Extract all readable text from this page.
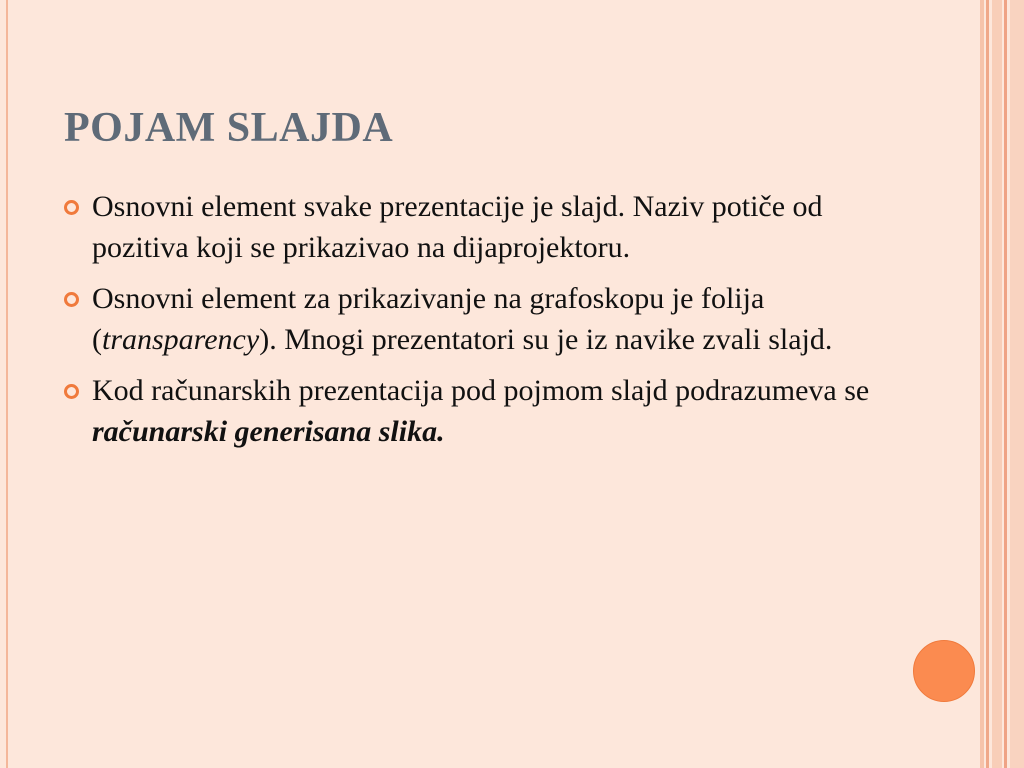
POJAM SLAJDA
Osnovni element svake prezentacije je slajd. Naziv potiče od pozitiva koji se prikazivao na dijaprojektoru.
Osnovni element za prikazivanje na grafoskopu je folija (transparency). Mnogi prezentatori su je iz navike zvali slajd.
Kod računarskih prezentacija pod pojmom slajd podrazumeva se računarski generisana slika.
